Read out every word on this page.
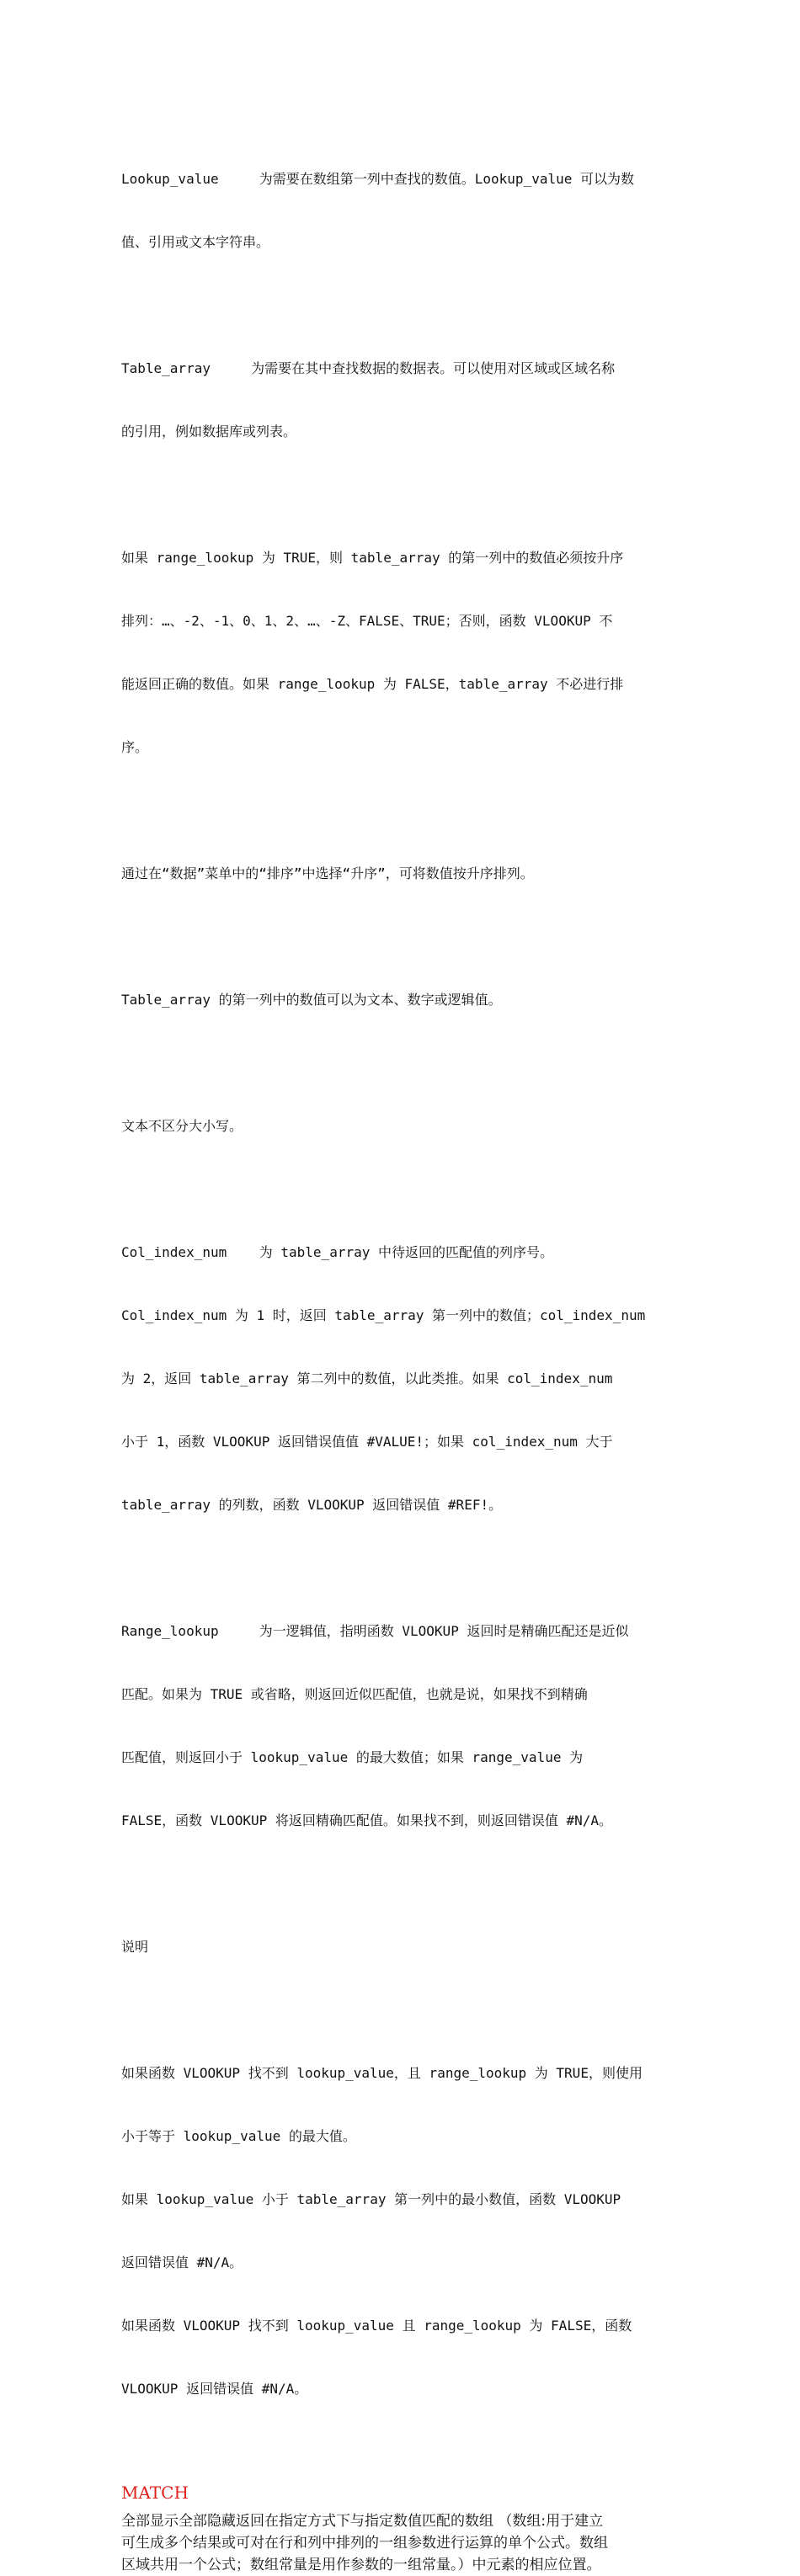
Lookup_value     为需要在数组第一列中查找的数值。Lookup_value 可以为数

值、引用或文本字符串。

Table_array     为需要在其中查找数据的数据表。可以使用对区域或区域名称

的引用，例如数据库或列表。

如果 range_lookup 为 TRUE，则 table_array 的第一列中的数值必须按升序

排列：…、-2、-1、0、1、2、…、-Z、FALSE、TRUE；否则，函数 VLOOKUP 不

能返回正确的数值。如果 range_lookup 为 FALSE，table_array 不必进行排

序。

通过在“数据”菜单中的“排序”中选择“升序”，可将数值按升序排列。

Table_array 的第一列中的数值可以为文本、数字或逻辑值。

文本不区分大小写。

Col_index_num    为 table_array 中待返回的匹配值的列序号。

Col_index_num 为 1 时，返回 table_array 第一列中的数值；col_index_num

为 2，返回 table_array 第二列中的数值，以此类推。如果 col_index_num

小于 1，函数 VLOOKUP 返回错误值值 #VALUE!；如果 col_index_num 大于

table_array 的列数，函数 VLOOKUP 返回错误值 #REF!。

Range_lookup     为一逻辑值，指明函数 VLOOKUP 返回时是精确匹配还是近似

匹配。如果为 TRUE 或省略，则返回近似匹配值，也就是说，如果找不到精确

匹配值，则返回小于 lookup_value 的最大数值；如果 range_value 为

FALSE，函数 VLOOKUP 将返回精确匹配值。如果找不到，则返回错误值 #N/A。

说明

如果函数 VLOOKUP 找不到 lookup_value，且 range_lookup 为 TRUE，则使用

小于等于 lookup_value 的最大值。

如果 lookup_value 小于 table_array 第一列中的最小数值，函数 VLOOKUP

返回错误值 #N/A。

如果函数 VLOOKUP 找不到 lookup_value 且 range_lookup 为 FALSE，函数

VLOOKUP 返回错误值 #N/A。

MATCH
全部显示全部隐藏返回在指定方式下与指定数值匹配的数组 （数组:用于建立
可生成多个结果或可对在行和列中排列的一组参数进行运算的单个公式。数组
区域共用一个公式；数组常量是用作参数的一组常量。）中元素的相应位置。
